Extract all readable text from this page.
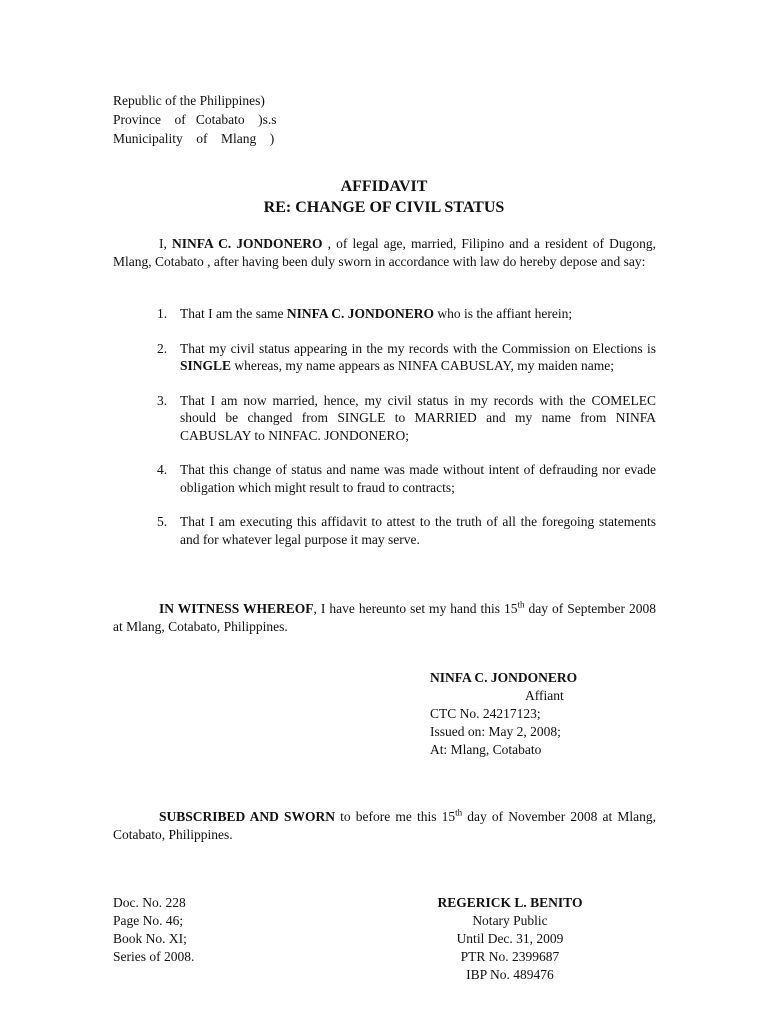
Republic of the Philippines)
Province    of   Cotabato    )s.s
Municipality    of    Mlang    )
AFFIDAVIT
RE: CHANGE OF CIVIL STATUS

I, NINFA C. JONDONERO , of legal age, married, Filipino and a resident of Dugong, Mlang, Cotabato , after having been duly sworn in accordance with law do hereby depose and say:

1. That I am the same NINFA C. JONDONERO who is the affiant herein;
2. That my civil status appearing in the my records with the Commission on Elections is SINGLE whereas, my name appears as NINFA CABUSLAY, my maiden name;
3. That I am now married, hence, my civil status in my records with the COMELEC should be changed from SINGLE to MARRIED and my name from NINFA CABUSLAY to NINFAC. JONDONERO;
4. That this change of status and name was made without intent of defrauding nor evade obligation which might result to fraud to contracts;
5. That I am executing this affidavit to attest to the truth of all the foregoing statements and for whatever legal purpose it may serve.

IN WITNESS WHEREOF, I have hereunto set my hand this 15th day of September 2008 at Mlang, Cotabato, Philippines.

NINFA C. JONDONERO
Affiant
CTC No. 24217123;
Issued on: May 2, 2008;
At: Mlang, Cotabato

SUBSCRIBED AND SWORN to before me this 15th day of November 2008 at Mlang, Cotabato, Philippines.

Doc. No. 228
Page No. 46;
Book No. XI;
Series of 2008.
REGERICK L. BENITO
Notary Public
Until Dec. 31, 2009
PTR No. 2399687
IBP No. 489476
